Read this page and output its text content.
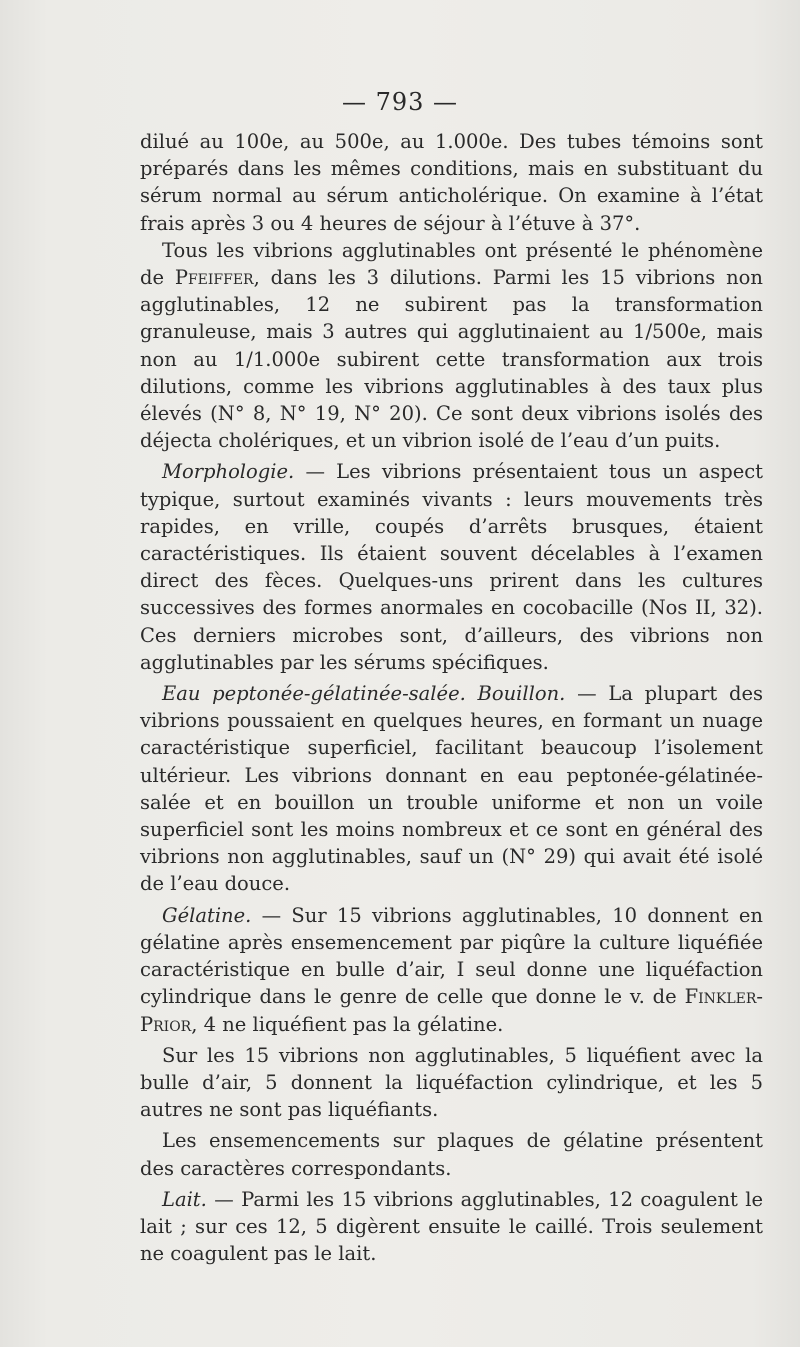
— 793 —

dilué au 100e, au 500e, au 1.000e. Des tubes témoins sont préparés dans les mêmes conditions, mais en substituant du sérum normal au sérum anticholérique. On examine à l’état frais après 3 ou 4 heures de séjour à l’étuve à 37°.

Tous les vibrions agglutinables ont présenté le phénomène de Pfeiffer, dans les 3 dilutions. Parmi les 15 vibrions non agglutinables, 12 ne subirent pas la transformation granuleuse, mais 3 autres qui agglutinaient au 1/500e, mais non au 1/1.000e subirent cette transformation aux trois dilutions, comme les vibrions agglutinables à des taux plus élevés (N° 8, N° 19, N° 20). Ce sont deux vibrions isolés des déjecta cholériques, et un vibrion isolé de l’eau d’un puits.

Morphologie. — Les vibrions présentaient tous un aspect typique, surtout examinés vivants : leurs mouvements très rapides, en vrille, coupés d’arrêts brusques, étaient caractéristiques. Ils étaient souvent décelables à l’examen direct des fèces. Quelques-uns prirent dans les cultures successives des formes anormales en cocobacille (Nos II, 32). Ces derniers microbes sont, d’ailleurs, des vibrions non agglutinables par les sérums spécifiques.

Eau peptonée-gélatinée-salée. Bouillon. — La plupart des vibrions poussaient en quelques heures, en formant un nuage caractéristique superficiel, facilitant beaucoup l’isolement ultérieur. Les vibrions donnant en eau peptonée-gélatinée-salée et en bouillon un trouble uniforme et non un voile superficiel sont les moins nombreux et ce sont en général des vibrions non agglutinables, sauf un (N° 29) qui avait été isolé de l’eau douce.

Gélatine. — Sur 15 vibrions agglutinables, 10 donnent en gélatine après ensemencement par piqûre la culture liquéfiée caractéristique en bulle d’air, I seul donne une liquéfaction cylindrique dans le genre de celle que donne le v. de Finkler-Prior, 4 ne liquéfient pas la gélatine.

Sur les 15 vibrions non agglutinables, 5 liquéfient avec la bulle d’air, 5 donnent la liquéfaction cylindrique, et les 5 autres ne sont pas liquéfiants.

Les ensemencements sur plaques de gélatine présentent des caractères correspondants.

Lait. — Parmi les 15 vibrions agglutinables, 12 coagulent le lait ; sur ces 12, 5 digèrent ensuite le caillé. Trois seulement ne coagulent pas le lait.
